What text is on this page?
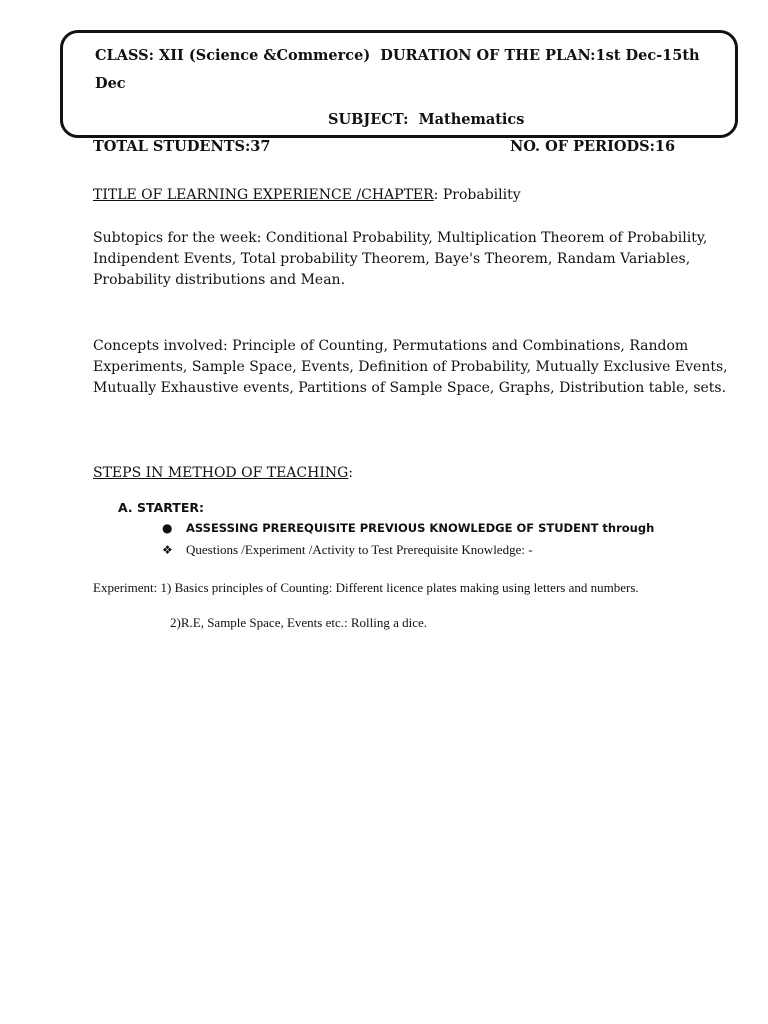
CLASS: XII (Science &Commerce) DURATION OF THE PLAN:1st Dec-15th
Dec
SUBJECT: Mathematics
TOTAL STUDENTS:37	NO. OF PERIODS:16
TITLE OF LEARNING EXPERIENCE /CHAPTER: Probability
Subtopics for the week: Conditional Probability, Multiplication Theorem of Probability, Indipendent Events, Total probability Theorem, Baye's Theorem, Randam Variables, Probability distributions and Mean.
Concepts involved: Principle of Counting, Permutations and Combinations, Random Experiments, Sample Space, Events, Definition of Probability, Mutually Exclusive Events, Mutually Exhaustive events, Partitions of Sample Space, Graphs, Distribution table, sets.
STEPS IN METHOD OF TEACHING:
A. STARTER:
● ASSESSING PREREQUISITE PREVIOUS KNOWLEDGE OF STUDENT through
❖ Questions /Experiment /Activity to Test Prerequisite Knowledge: -
Experiment: 1) Basics principles of Counting: Different licence plates making using letters and numbers.
2)R.E, Sample Space, Events etc.: Rolling a dice.
